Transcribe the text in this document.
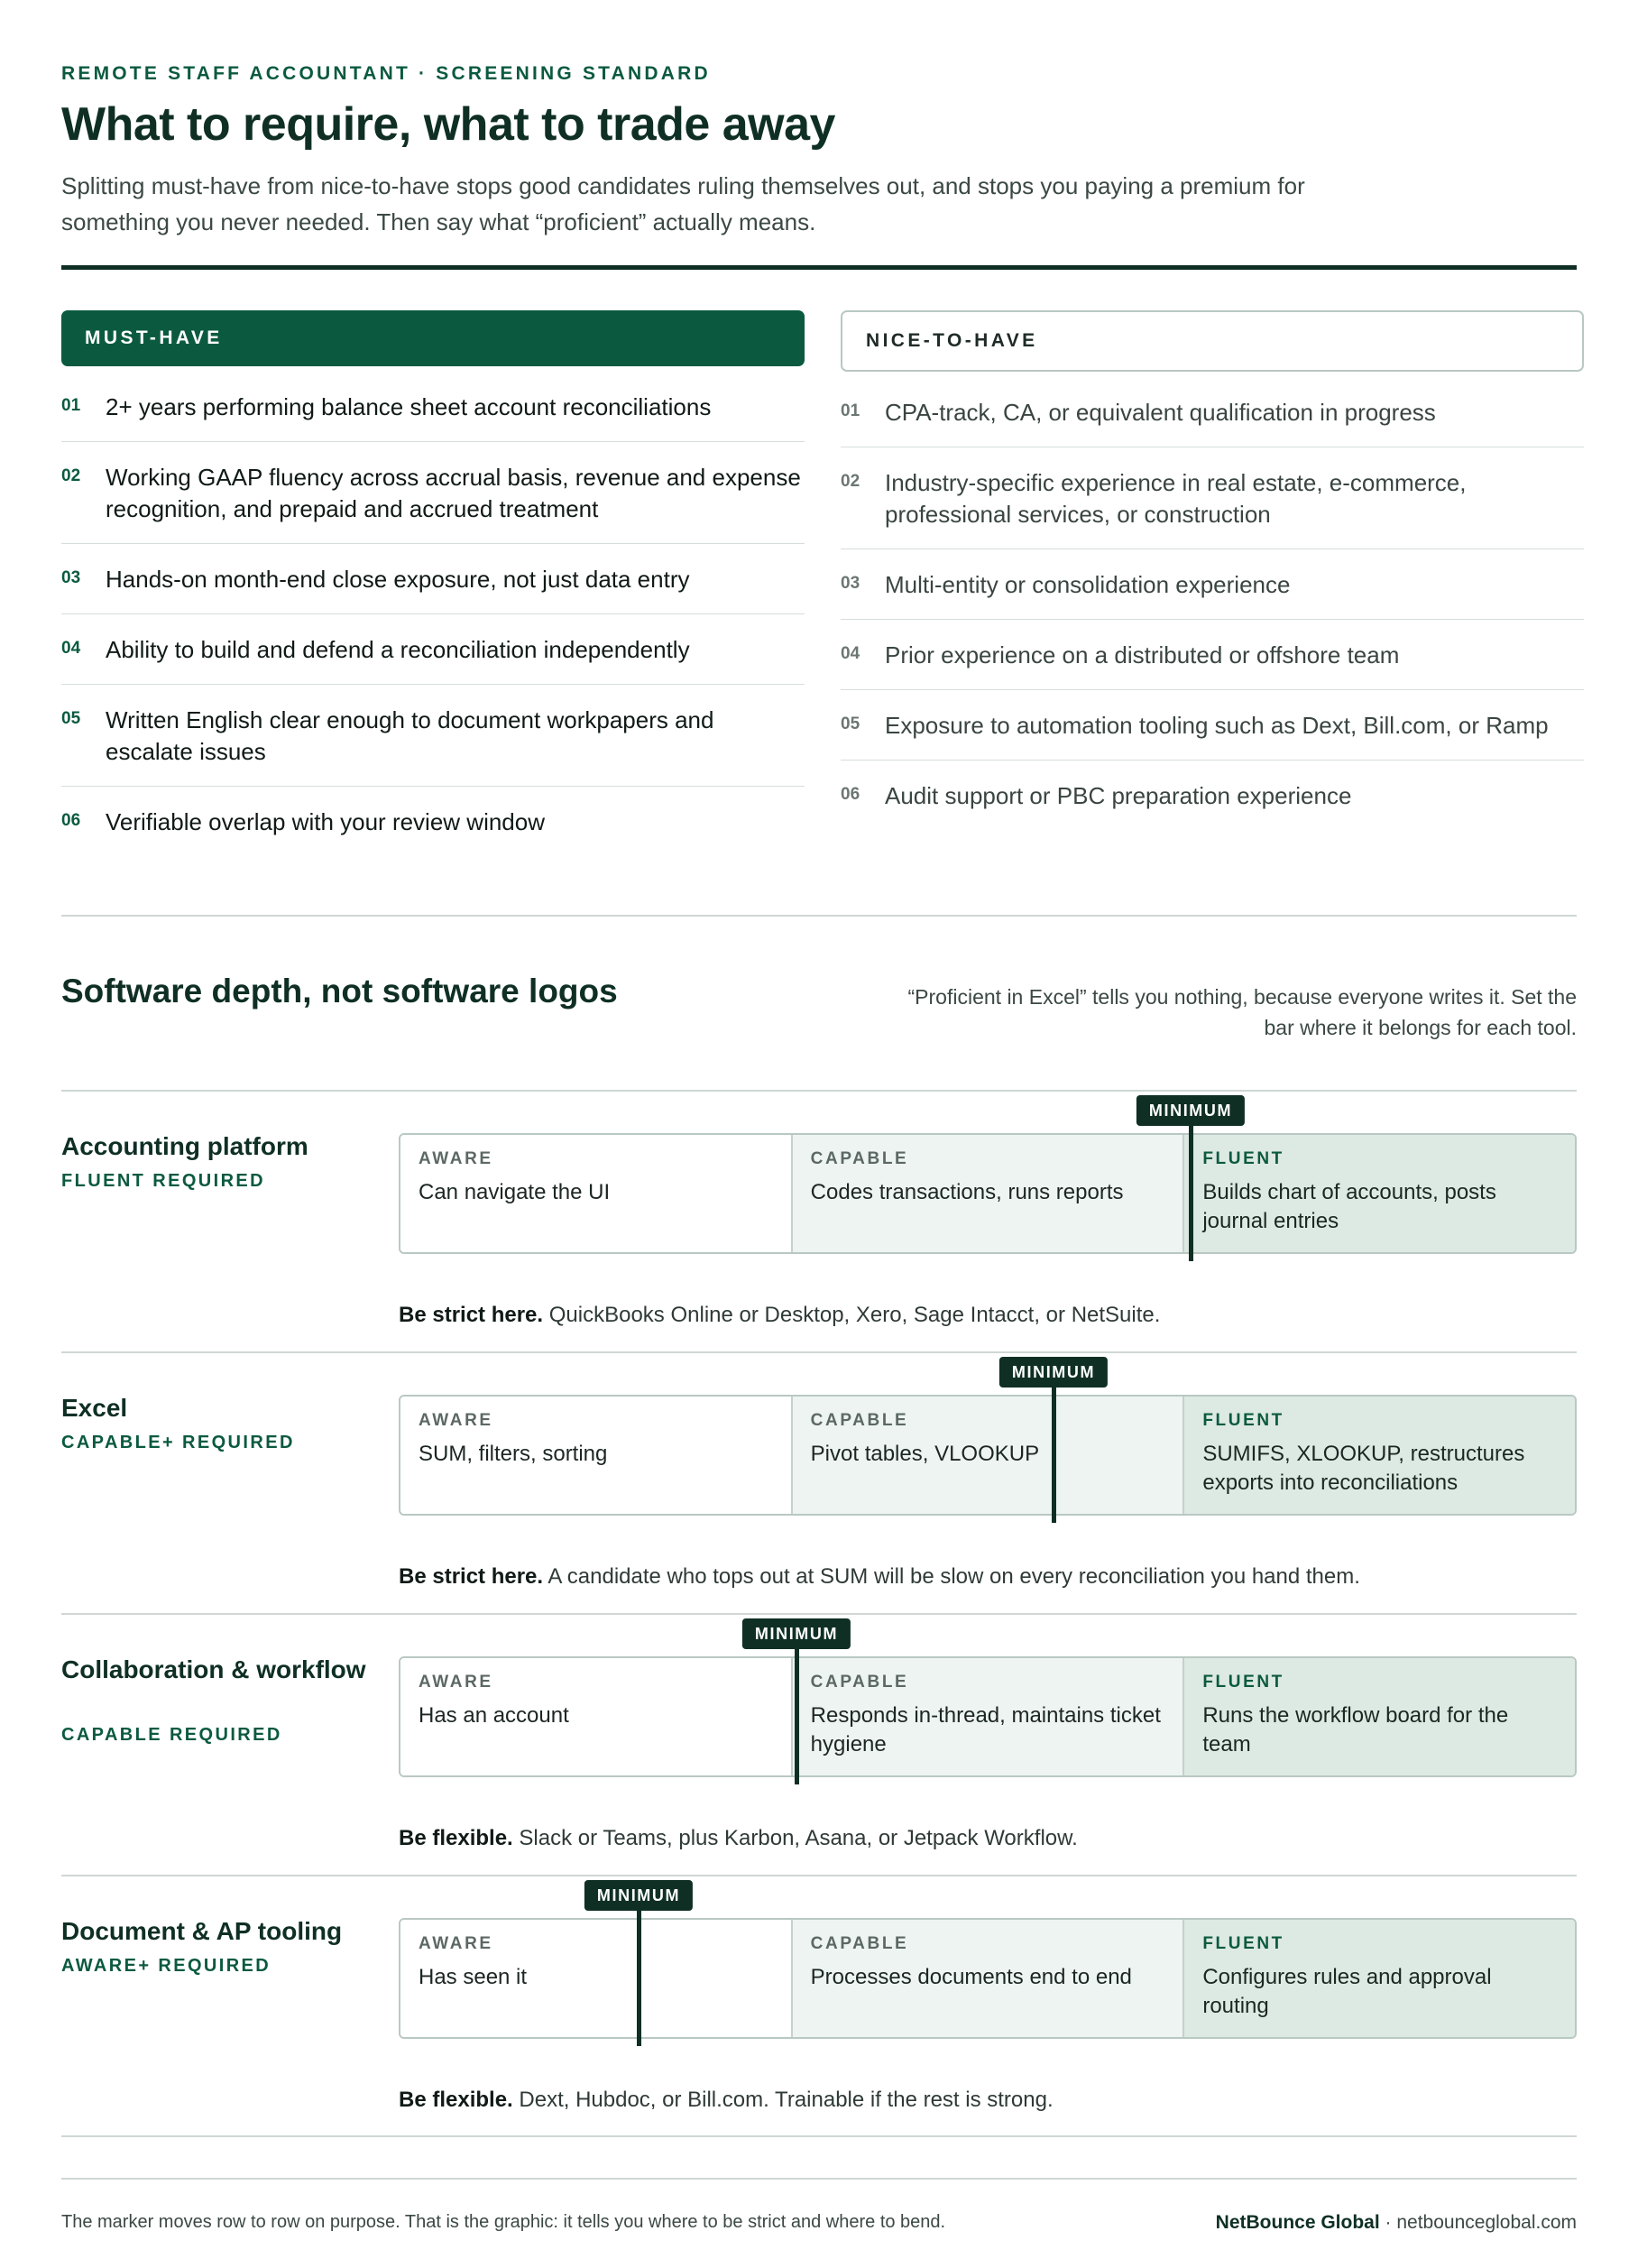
REMOTE STAFF ACCOUNTANT · SCREENING STANDARD
What to require, what to trade away

Splitting must-have from nice-to-have stops good candidates ruling themselves out, and stops you paying a premium for something you never needed. Then say what “proficient” actually means.

MUST-HAVE
01	2+ years performing balance sheet account reconciliations
02	Working GAAP fluency across accrual basis, revenue and expense recognition, and prepaid and accrued treatment
03	Hands-on month-end close exposure, not just data entry
04	Ability to build and defend a reconciliation independently
05	Written English clear enough to document workpapers and escalate issues
06	Verifiable overlap with your review window
NICE-TO-HAVE
01	CPA-track, CA, or equivalent qualification in progress
02	Industry-specific experience in real estate, e-commerce, professional services, or construction
03	Multi-entity or consolidation experience
04	Prior experience on a distributed or offshore team
05	Exposure to automation tooling such as Dext, Bill.com, or Ramp
06	Audit support or PBC preparation experience
Software depth, not software logos	“Proficient in Excel” tells you nothing, because everyone writes it. Set the bar where it belongs for each tool.

Accounting platform
FLUENT REQUIRED
AWARE
Can navigate the UI
CAPABLE
Codes transactions, runs reports
FLUENT
Builds chart of accounts, posts journal entries
MINIMUM
Be strict here. QuickBooks Online or Desktop, Xero, Sage Intacct, or NetSuite.
Excel
CAPABLE+ REQUIRED
AWARE
SUM, filters, sorting
CAPABLE
Pivot tables, VLOOKUP
FLUENT
SUMIFS, XLOOKUP, restructures exports into reconciliations
MINIMUM
Be strict here. A candidate who tops out at SUM will be slow on every reconciliation you hand them.
Collaboration & workflow
CAPABLE REQUIRED
AWARE
Has an account
CAPABLE
Responds in-thread, maintains ticket hygiene
FLUENT
Runs the workflow board for the team
MINIMUM
Be flexible. Slack or Teams, plus Karbon, Asana, or Jetpack Workflow.
Document & AP tooling
AWARE+ REQUIRED
AWARE
Has seen it
CAPABLE
Processes documents end to end
FLUENT
Configures rules and approval routing
MINIMUM
Be flexible. Dext, Hubdoc, or Bill.com. Trainable if the rest is strong.
The marker moves row to row on purpose. That is the graphic: it tells you where to be strict and where to bend.	NetBounce Global · netbounceglobal.com
